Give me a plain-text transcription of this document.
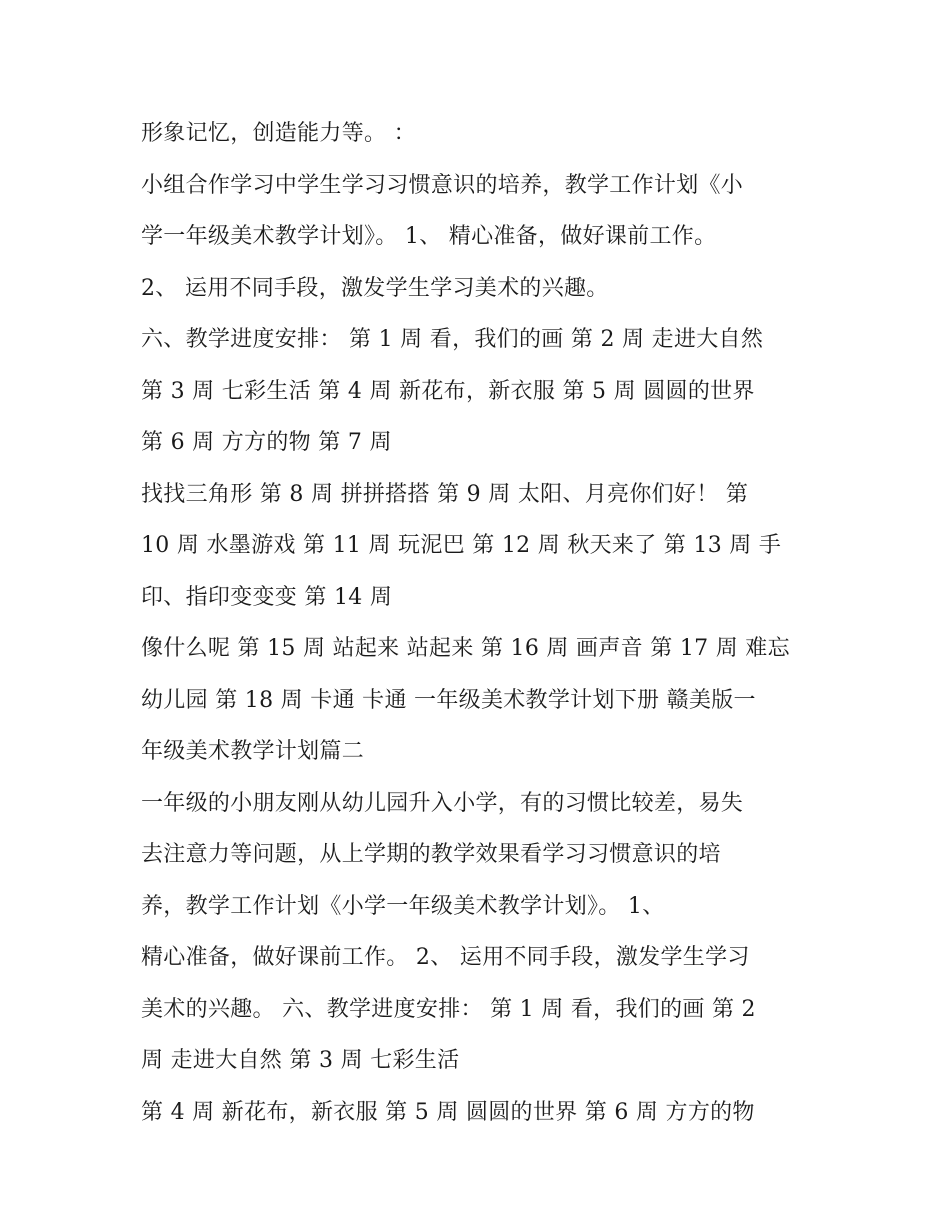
形象记忆，创造能力等。 ：
小组合作学习中学生学习习惯意识的培养，教学工作计划《小
学一年级美术教学计划》。 1、 精心准备，做好课前工作。
2、 运用不同手段，激发学生学习美术的兴趣。
六、教学进度安排： 第 1 周 看，我们的画 第 2 周 走进大自然
第 3 周 七彩生活 第 4 周 新花布，新衣服 第 5 周 圆圆的世界
第 6 周 方方的物 第 7 周
找找三角形 第 8 周 拼拼搭搭 第 9 周 太阳、月亮你们好！ 第
10 周 水墨游戏 第 11 周 玩泥巴 第 12 周 秋天来了 第 13 周 手
印、指印变变变 第 14 周
像什么呢 第 15 周 站起来 站起来 第 16 周 画声音 第 17 周 难忘
幼儿园 第 18 周 卡通 卡通 一年级美术教学计划下册 赣美版一
年级美术教学计划篇二
一年级的小朋友刚从幼儿园升入小学，有的习惯比较差，易失
去注意力等问题，从上学期的教学效果看学习习惯意识的培
养，教学工作计划《小学一年级美术教学计划》。 1、
精心准备，做好课前工作。 2、 运用不同手段，激发学生学习
美术的兴趣。 六、教学进度安排： 第 1 周 看，我们的画 第 2
周 走进大自然 第 3 周 七彩生活
第 4 周 新花布，新衣服 第 5 周 圆圆的世界 第 6 周 方方的物
